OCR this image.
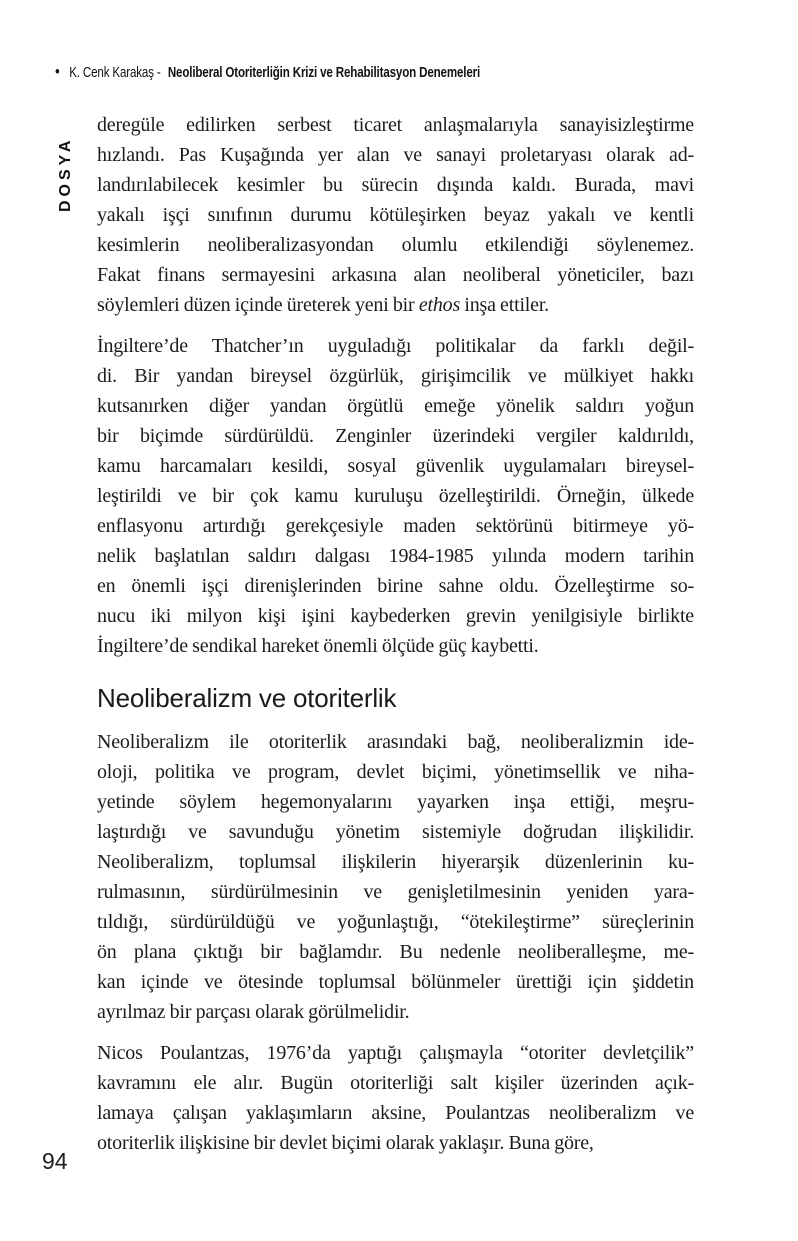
• K. Cenk Karakaş - Neoliberal Otoriterliğin Krizi ve Rehabilitasyon Denemeleri
DOSYA
deregüle edilirken serbest ticaret anlaşmalarıyla sanayisizleştirme
hızlandı. Pas Kuşağında yer alan ve sanayi proletaryası olarak ad-
landırılabilecek kesimler bu sürecin dışında kaldı. Burada, mavi
yakalı işçi sınıfının durumu kötüleşirken beyaz yakalı ve kentli
kesimlerin neoliberalizasyondan olumlu etkilendiği söylenemez.
Fakat finans sermayesini arkasına alan neoliberal yöneticiler, bazı
söylemleri düzen içinde üreterek yeni bir ethos inşa ettiler.
İngiltere’de Thatcher’ın uyguladığı politikalar da farklı değil-
di. Bir yandan bireysel özgürlük, girişimcilik ve mülkiyet hakkı
kutsanırken diğer yandan örgütlü emeğe yönelik saldırı yoğun
bir biçimde sürdürüldü. Zenginler üzerindeki vergiler kaldırıldı,
kamu harcamaları kesildi, sosyal güvenlik uygulamaları bireysel-
leştirildi ve bir çok kamu kuruluşu özelleştirildi. Örneğin, ülkede
enflasyonu artırdığı gerekçesiyle maden sektörünü bitirmeye yö-
nelik başlatılan saldırı dalgası 1984-1985 yılında modern tarihin
en önemli işçi direnişlerinden birine sahne oldu. Özelleştirme so-
nucu iki milyon kişi işini kaybederken grevin yenilgisiyle birlikte
İngiltere’de sendikal hareket önemli ölçüde güç kaybetti.
Neoliberalizm ve otoriterlik
Neoliberalizm ile otoriterlik arasındaki bağ, neoliberalizmin ide-
oloji, politika ve program, devlet biçimi, yönetimsellik ve niha-
yetinde söylem hegemonyalarını yayarken inşa ettiği, meşru-
laştırdığı ve savunduğu yönetim sistemiyle doğrudan ilişkilidir.
Neoliberalizm, toplumsal ilişkilerin hiyerarşik düzenlerinin ku-
rulmasının, sürdürülmesinin ve genişletilmesinin yeniden yara-
tıldığı, sürdürüldüğü ve yoğunlaştığı, “ötekileştirme” süreçlerinin
ön plana çıktığı bir bağlamdır. Bu nedenle neoliberalleşme, me-
kan içinde ve ötesinde toplumsal bölünmeler ürettiği için şiddetin
ayrılmaz bir parçası olarak görülmelidir.
Nicos Poulantzas, 1976’da yaptığı çalışmayla “otoriter devletçilik”
kavramını ele alır. Bugün otoriterliği salt kişiler üzerinden açık-
lamaya çalışan yaklaşımların aksine, Poulantzas neoliberalizm ve
otoriterlik ilişkisine bir devlet biçimi olarak yaklaşır. Buna göre,
94
